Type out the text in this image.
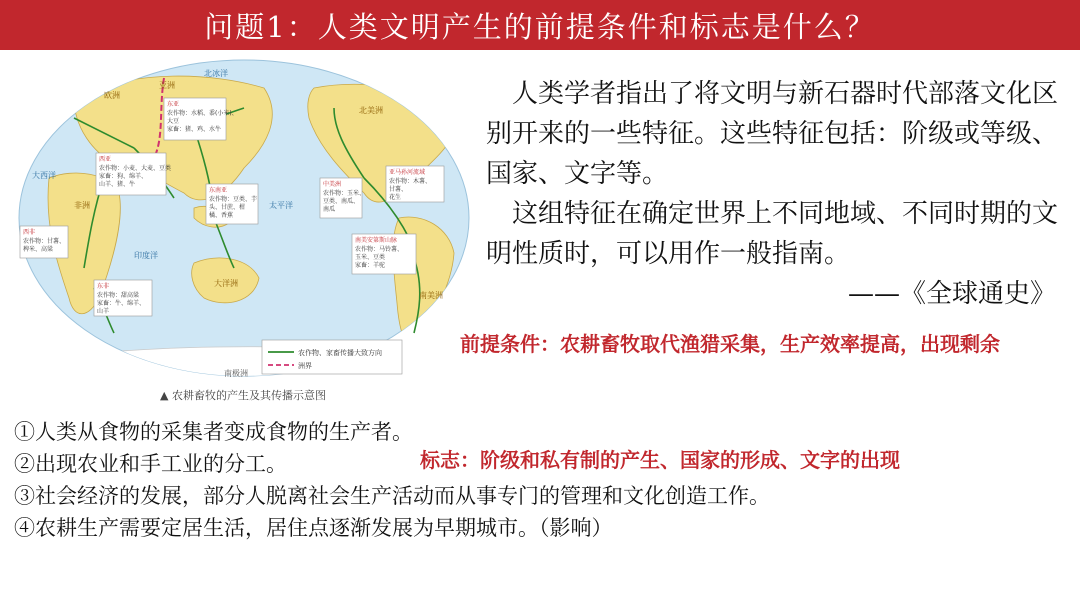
问题1：人类文明产生的前提条件和标志是什么？
东亚
农作物：水稻、黍(小米)、
大豆
家畜：猪、鸡、水牛
西亚
农作物：小麦、大麦、豆类
家畜：狗、绵羊、
山羊、猪、牛
东南亚
农作物：豆类、芋
头、甘蔗、柑
橘、香蕉
中美洲
农作物：玉米、
豆类、南瓜、
南瓜
亚马孙河流域
农作物：木薯、
甘薯、
花生
西非
农作物：甘薯、
稗米、高粱
东非
农作物：甜高粱
家畜：牛、绵羊、
山羊
南美安第斯山脉
农作物：马铃薯、
玉米、豆类
家畜：羊驼
太平洋
大西洋
印度洋
北冰洋
南极洲
亚洲
欧洲
非洲
北美洲
南美洲
大洋洲
农作物、家畜传播大致方向
洲界
▲ 农耕畜牧的产生及其传播示意图

人类学者指出了将文明与新石器时代部落文化区别开来的一些特征。这些特征包括：阶级或等级、国家、文字等。

这组特征在确定世界上不同地域、不同时期的文明性质时，可以用作一般指南。

——《全球通史》

前提条件：农耕畜牧取代渔猎采集，生产效率提高，出现剩余
①人类从食物的采集者变成食物的生产者。
②出现农业和手工业的分工。
③社会经济的发展，部分人脱离社会生产活动而从事专门的管理和文化创造工作。
④农耕生产需要定居生活，居住点逐渐发展为早期城市。（影响）
标志：阶级和私有制的产生、国家的形成、文字的出现
